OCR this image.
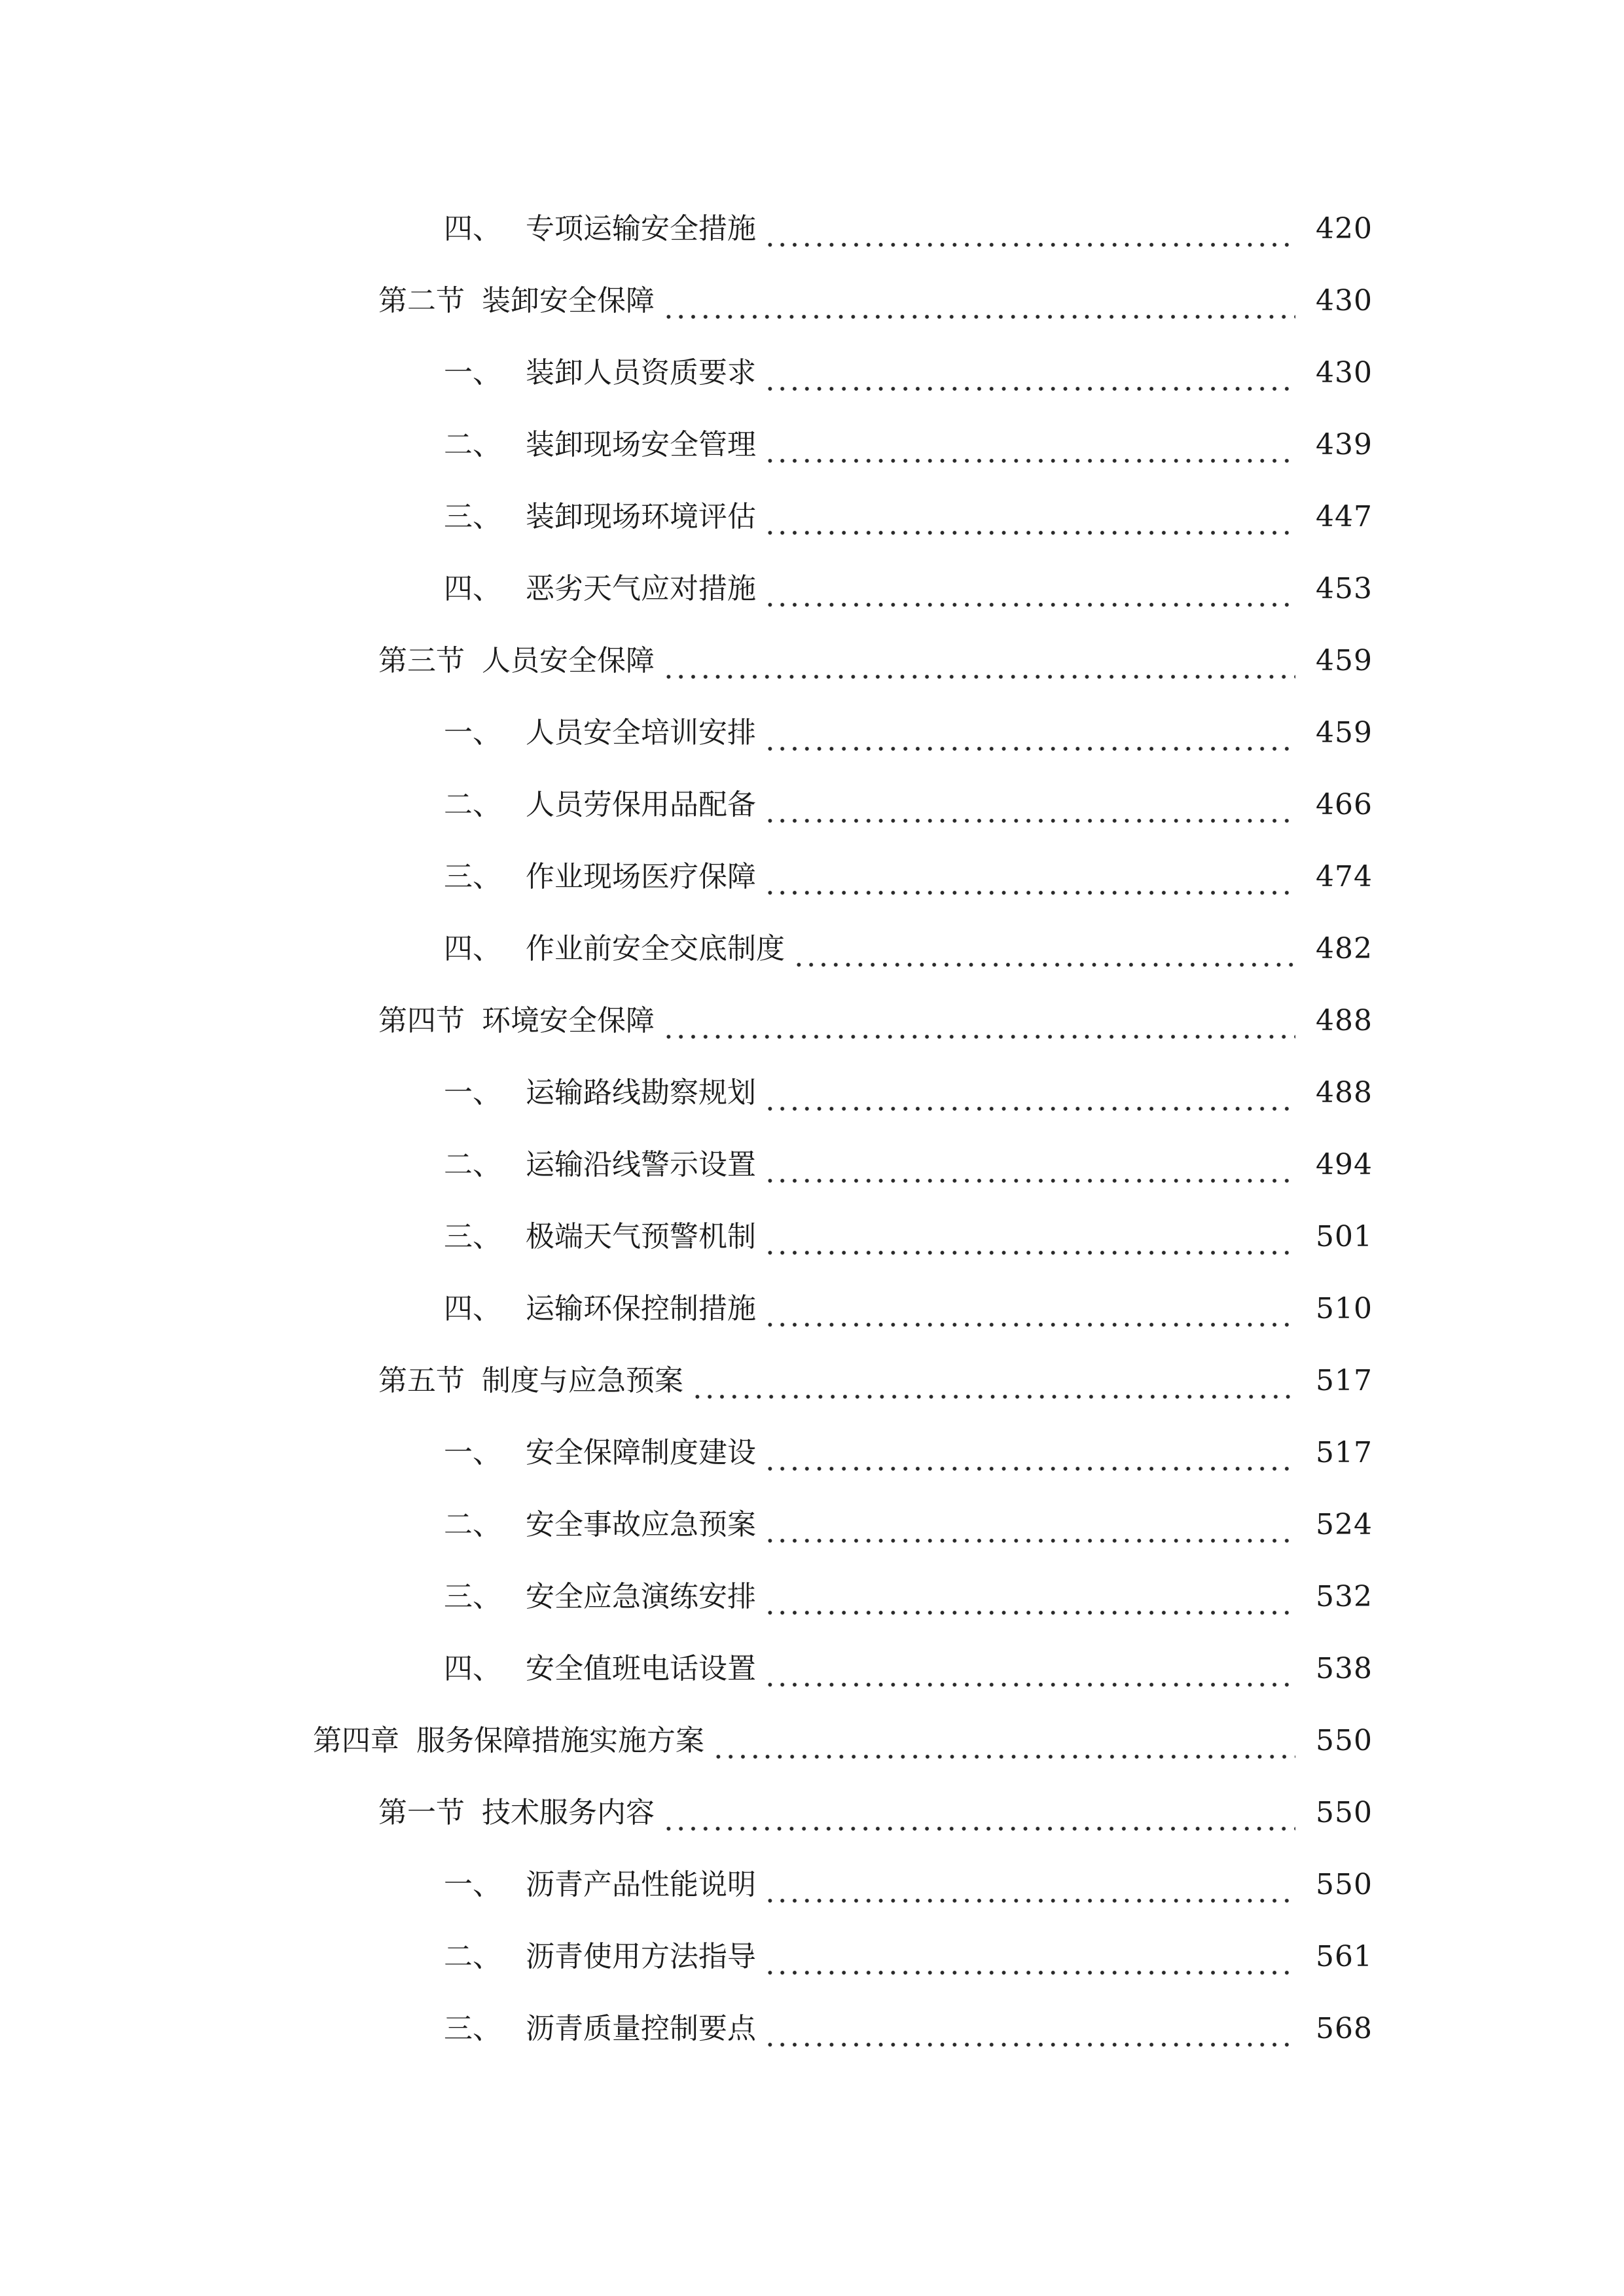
四、 专项运输安全措施	420
第二节 装卸安全保障	430
一、 装卸人员资质要求	430
二、 装卸现场安全管理	439
三、 装卸现场环境评估	447
四、 恶劣天气应对措施	453
第三节 人员安全保障	459
一、 人员安全培训安排	459
二、 人员劳保用品配备	466
三、 作业现场医疗保障	474
四、 作业前安全交底制度	482
第四节 环境安全保障	488
一、 运输路线勘察规划	488
二、 运输沿线警示设置	494
三、 极端天气预警机制	501
四、 运输环保控制措施	510
第五节 制度与应急预案	517
一、 安全保障制度建设	517
二、 安全事故应急预案	524
三、 安全应急演练安排	532
四、 安全值班电话设置	538
第四章 服务保障措施实施方案	550
第一节 技术服务内容	550
一、 沥青产品性能说明	550
二、 沥青使用方法指导	561
三、 沥青质量控制要点	568
